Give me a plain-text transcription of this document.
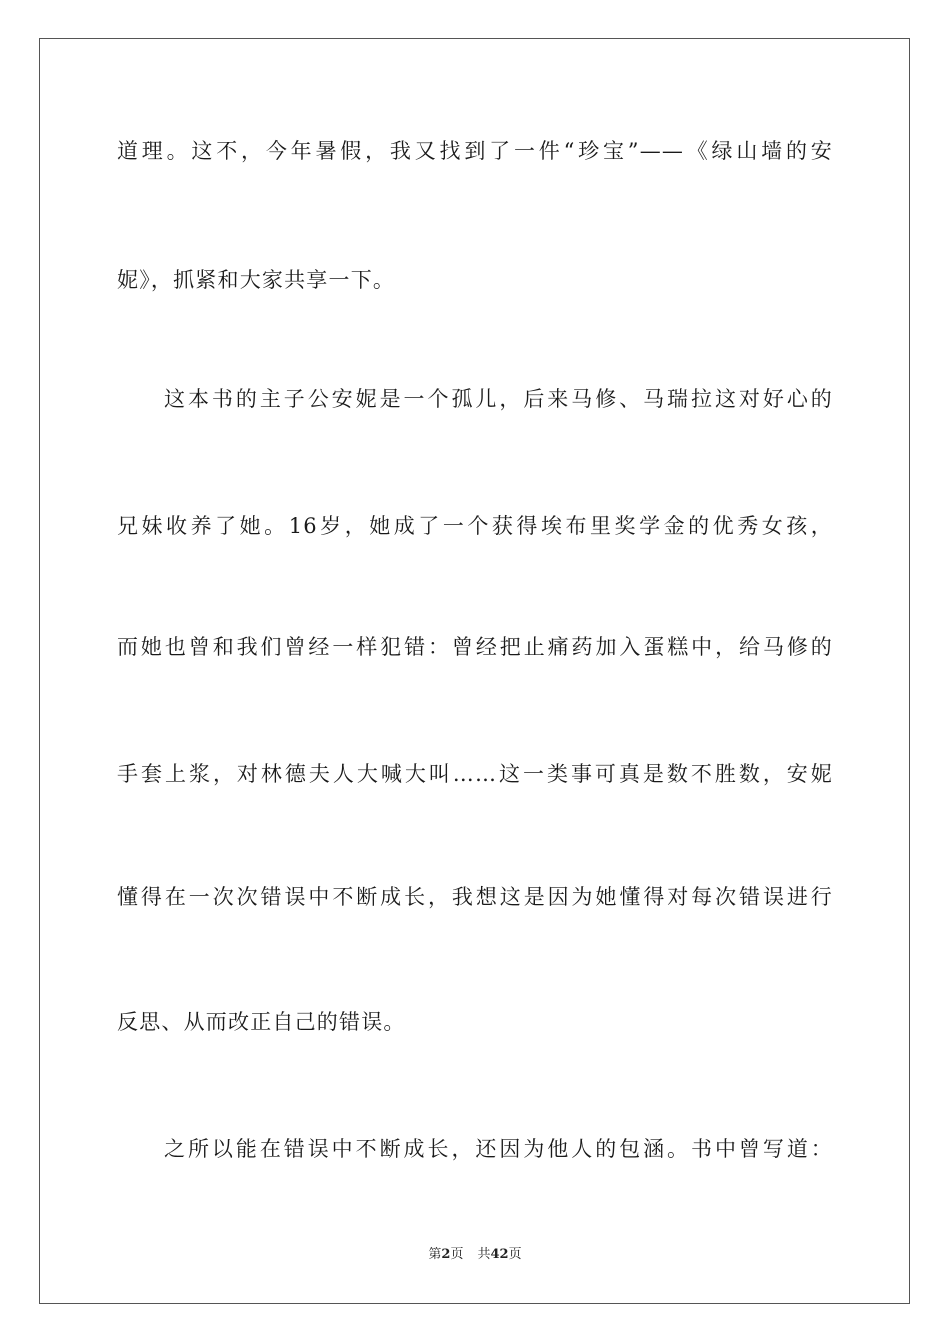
道理。这不，今年暑假，我又找到了一件“珍宝”——《绿山墙的安
妮》，抓紧和大家共享一下。
这本书的主子公安妮是一个孤儿，后来马修、马瑞拉这对好心的
兄妹收养了她。16岁，她成了一个获得埃布里奖学金的优秀女孩，
而她也曾和我们曾经一样犯错：曾经把止痛药加入蛋糕中，给马修的
手套上浆，对林德夫人大喊大叫……这一类事可真是数不胜数，安妮
懂得在一次次错误中不断成长，我想这是因为她懂得对每次错误进行
反思、从而改正自己的错误。
之所以能在错误中不断成长，还因为他人的包涵。书中曾写道：
第2页 共42页
